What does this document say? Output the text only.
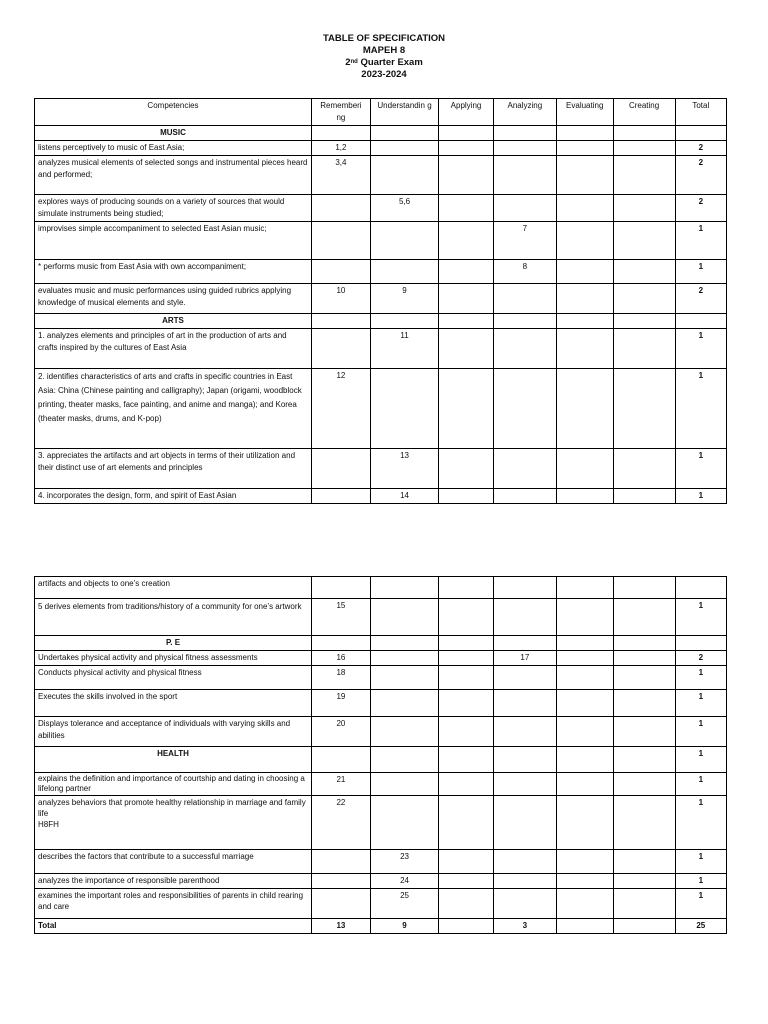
TABLE OF SPECIFICATION
MAPEH 8
2nd Quarter Exam
2023-2024
Competencies	Rememberi ng	Understandin g	Applying	Analyzing	Evaluating	Creating	Total
MUSIC							
listens perceptively to music of East Asia;	1,2						2
analyzes musical elements of selected songs and instrumental pieces heard and performed;	3,4						2
explores ways of producing sounds on a variety of sources that would simulate instruments being studied;		5,6					2
improvises simple accompaniment to selected East Asian music;				7			1
* performs music from East Asia with own accompaniment;				8			1
evaluates music and music performances using guided rubrics applying knowledge of musical elements and style.	10	9					2
ARTS							
1. analyzes elements and principles of art in the production of arts and crafts inspired by the cultures of East Asia		11					1
2. identifies characteristics of arts and crafts in specific countries in East Asia: China (Chinese painting and calligraphy); Japan (origami, woodblock printing, theater masks, face painting, and anime and manga); and Korea (theater masks, drums, and K-pop)	12						1
3. appreciates the artifacts and art objects in terms of their utilization and their distinct use of art elements and principles		13					1
4. incorporates the design, form, and spirit of East Asian		14					1
artifacts and objects to one’s creation							
5 derives elements from traditions/history of a community for one’s artwork	15						1
P. E							
Undertakes physical activity and physical fitness assessments	16			17			2
Conducts physical activity and physical fitness	18						1
Executes the skills involved in the sport	19						1
Displays tolerance and acceptance of individuals with varying skills and abilities	20						1
HEALTH							1
explains the definition and importance of courtship and dating in choosing a lifelong partner	21						1

analyzes behaviors that promote healthy relationship in marriage and family life
H8FH	22						1
describes the factors that contribute to a successful marriage		23					1
analyzes the importance of responsible parenthood		24					1
examines the important roles and responsibilities of parents in child rearing and care		25					1
Total	13	9		3			25
